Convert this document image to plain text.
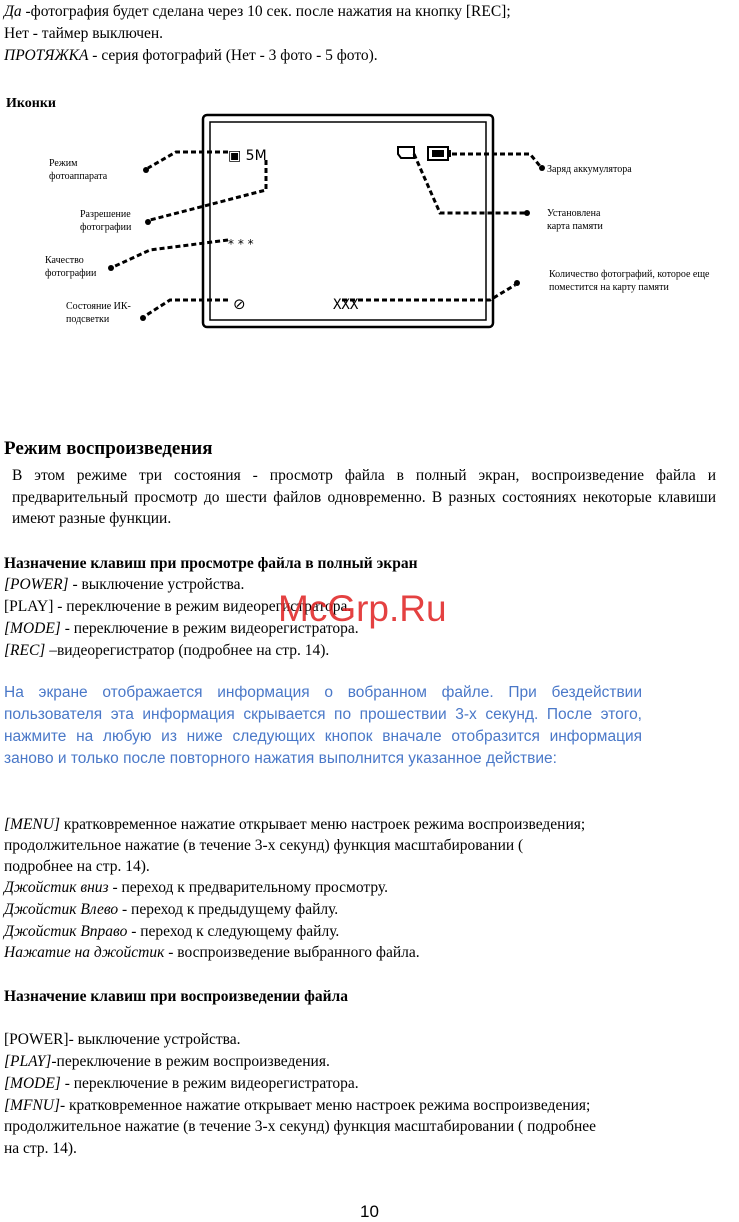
Да -фотография будет сделана через 10 сек. после нажатия на кнопку [REC];
Нет - таймер выключен.
ПРОТЯЖКА - серия фотографий (Нет - 3 фото - 5 фото).
Иконки
▣ 5M
* * *
⊘	XXX
Режим
фотоаппарата
Разрешение
фотографии
Качество
фотографии
Состояние ИК-
подсветки
Заряд аккумулятора
Установлена
карта памяти
Количество фотографий, которое еще
поместится на карту памяти
Режим воспроизведения
В этом режиме три состояния - просмотр файла в полный экран, воспроизведение файла и предварительный просмотр до шести файлов одновременно. В разных состояниях некоторые клавиши имеют разные функции.
Назначение клавиш при просмотре файла в полный экран
[POWER] - выключение устройства.
[PLAY] - переключение в режим видеорегистратора.
[MODE] - переключение в режим видеорегистратора.
[REC] –видеорегистратор (подробнее на стр. 14).
На экране отображается информация о вобранном файле. При бездействии пользователя эта информация скрывается по прошествии 3-х секунд. После этого, нажмите на любую из ниже следующих кнопок вначале отобразится информация заново и только после повторного нажатия выполнится указанное действие:
[MENU] кратковременное нажатие открывает меню настроек режима воспроизведения;
продолжительное нажатие (в течение 3-х секунд) функция масштабировании (
подробнее на стр. 14).
Джойстик вниз - переход к предварительному просмотру.
Джойстик Влево - переход к предыдущему файлу.
Джойстик Вправо - переход к следующему файлу.
Нажатие на джойстик - воспроизведение выбранного файла.
Назначение клавиш при воспроизведении файла
[POWER]- выключение устройства.
[PLAY]-переключение в режим воспроизведения.
[MODE] - переключение в режим видеорегистратора.
[MFNU]- кратковременное нажатие открывает меню настроек режима воспроизведения;
продолжительное нажатие (в течение 3-х секунд) функция масштабировании ( подробнее
на стр. 14).
McGrp.Ru
10
